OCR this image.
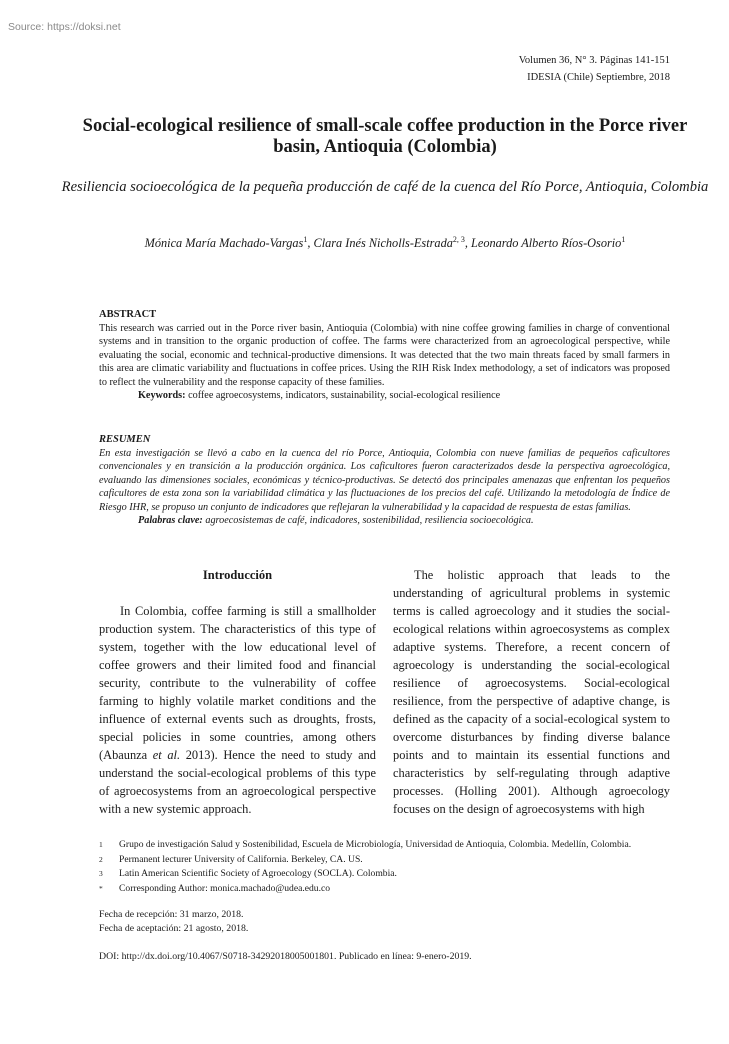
Source: https://doksi.net
Volumen 36, N° 3. Páginas 141-151
IDESIA (Chile) Septiembre, 2018
Social-ecological resilience of small-scale coffee production in the Porce river basin, Antioquia (Colombia)
Resiliencia socioecológica de la pequeña producción de café de la cuenca del Río Porce, Antioquia, Colombia
Mónica María Machado-Vargas$^1$, Clara Inés Nicholls-Estrada$^{2, 3}$, Leonardo Alberto Ríos-Osorio$^1$
ABSTRACT
This research was carried out in the Porce river basin, Antioquia (Colombia) with nine coffee growing families in charge of conventional systems and in transition to the organic production of coffee. The farms were characterized from an agroecological perspective, while evaluating the social, economic and technical-productive dimensions. It was detected that the two main threats faced by small farmers in this area are climatic variability and fluctuations in coffee prices. Using the RIH Risk Index methodology, a set of indicators was proposed to reflect the vulnerability and the response capacity of these families.
Keywords: coffee agroecosystems, indicators, sustainability, social-ecological resilience
RESUMEN
En esta investigación se llevó a cabo en la cuenca del río Porce, Antioquia, Colombia con nueve familias de pequeños caficultores convencionales y en transición a la producción orgánica. Los caficultores fueron caracterizados desde la perspectiva agroecológica, evaluando las dimensiones sociales, económicas y técnico-productivas. Se detectó dos principales amenazas que enfrentan los pequeños caficultores de esta zona son la variabilidad climática y las fluctuaciones de los precios del café. Utilizando la metodología de Índice de Riesgo IHR, se propuso un conjunto de indicadores que reflejaran la vulnerabilidad y la capacidad de respuesta de estas familias.
Palabras clave: agroecosistemas de café, indicadores, sostenibilidad, resiliencia socioecológica.
Introducción

In Colombia, coffee farming is still a smallholder production system. The characteristics of this type of system, together with the low educational level of coffee growers and their limited food and financial security, contribute to the vulnerability of coffee farming to highly volatile market conditions and the influence of external events such as droughts, frosts, special policies in some countries, among others (Abaunza et al. 2013). Hence the need to study and understand the social-ecological problems of this type of agroecosystems from an agroecological perspective with a new systemic approach.

The holistic approach that leads to the understanding of agricultural problems in systemic terms is called agroecology and it studies the social-ecological relations within agroecosystems as complex adaptive systems. Therefore, a recent concern of agroecology is understanding the social-ecological resilience of agroecosystems. Social-ecological resilience, from the perspective of adaptive change, is defined as the capacity of a social-ecological system to overcome disturbances by finding diverse balance points and to maintain its essential functions and characteristics by self-regulating through adaptive processes. (Holling 2001). Although agroecology focuses on the design of agroecosystems with high

1	Grupo de investigación Salud y Sostenibilidad, Escuela de Microbiología, Universidad de Antioquia, Colombia. Medellín, Colombia.
2	Permanent lecturer University of California. Berkeley, CA. US.
3	Latin American Scientific Society of Agroecology (SOCLA). Colombia.
*	Corresponding Author: monica.machado@udea.edu.co
Fecha de recepción: 31 marzo, 2018.
Fecha de aceptación: 21 agosto, 2018.
DOI: http://dx.doi.org/10.4067/S0718-34292018005001801. Publicado en línea: 9-enero-2019.
